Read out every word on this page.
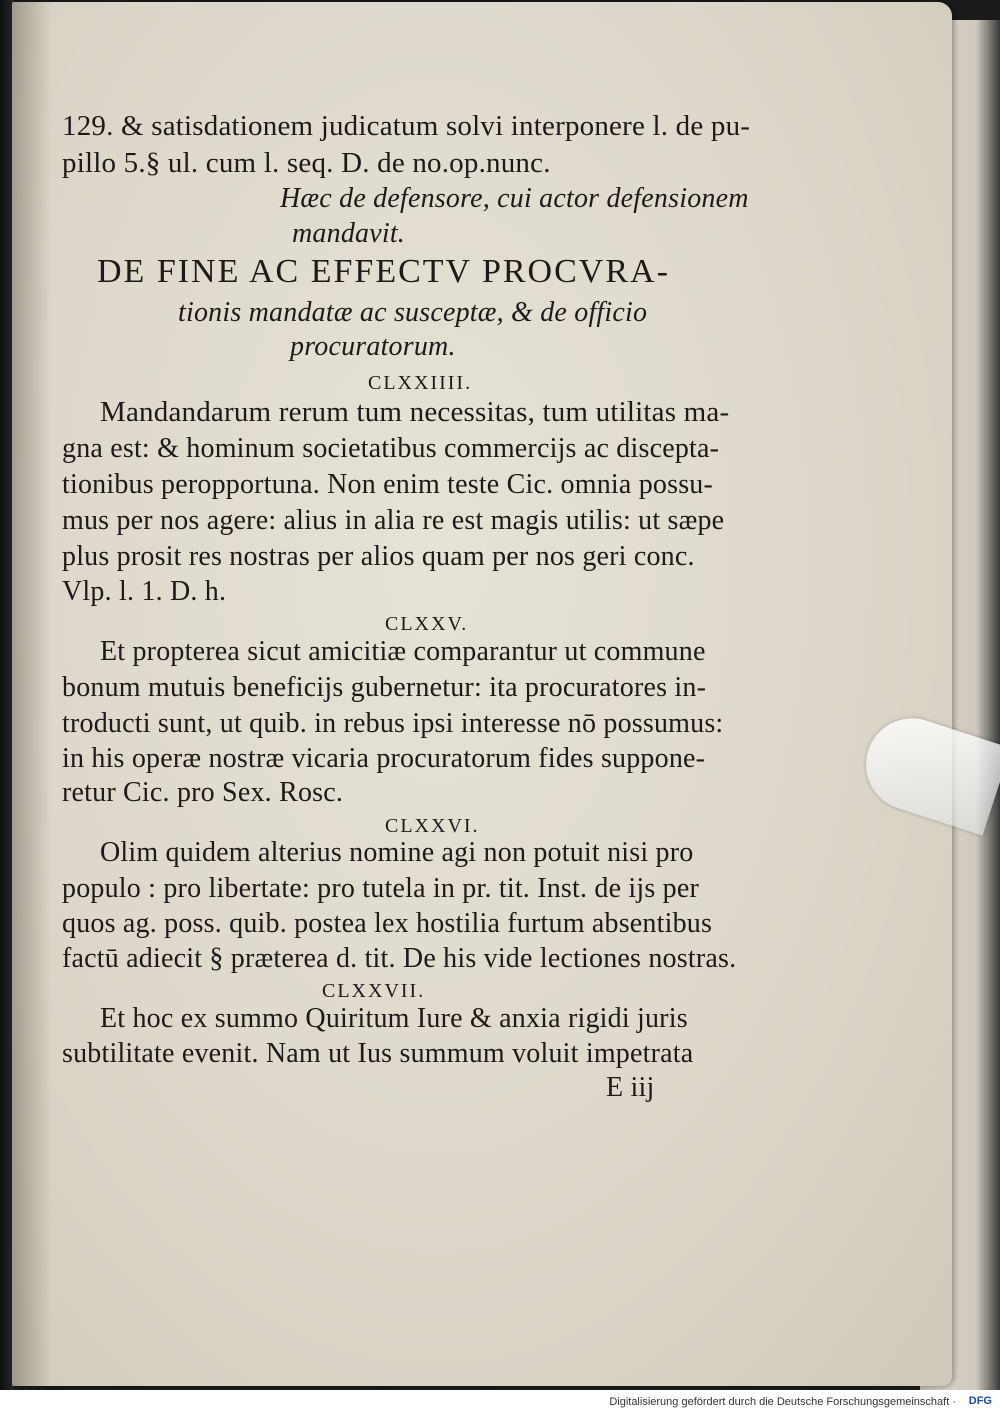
129. & satisdationem judicatum solvi interponere l. de pu-
pillo 5.§ ul. cum l. seq. D. de no.op.nunc.
Hæc de defensore, cui actor defensionem
mandavit.
DE FINE AC EFFECTV PROCVRA-
tionis mandatæ ac susceptæ, & de officio
procuratorum.
CLXXIIII.
Mandandarum rerum tum necessitas, tum utilitas ma-
gna est: & hominum societatibus commercijs ac discepta-
tionibus peropportuna. Non enim teste Cic. omnia possu-
mus per nos agere: alius in alia re est magis utilis: ut sæpe
plus prosit res nostras per alios quam per nos geri conc.
Vlp. l. 1. D. h.
CLXXV.
Et propterea sicut amicitiæ comparantur ut commune
bonum mutuis beneficijs gubernetur: ita procuratores in-
troducti sunt, ut quib. in rebus ipsi interesse nō possumus:
in his operæ nostræ vicaria procuratorum fides suppone-
retur Cic. pro Sex. Rosc.
CLXXVI.
Olim quidem alterius nomine agi non potuit nisi pro
populo : pro libertate: pro tutela in pr. tit. Inst. de ijs per
quos ag. poss. quib. postea lex hostilia furtum absentibus
factū adiecit § præterea d. tit. De his vide lectiones nostras.
CLXXVII.
Et hoc ex summo Quiritum Iure & anxia rigidi juris
subtilitate evenit. Nam ut Ius summum voluit impetrata
E iij
Digitalisierung gefördert durch die Deutsche Forschungsgemeinschaft · DFG
